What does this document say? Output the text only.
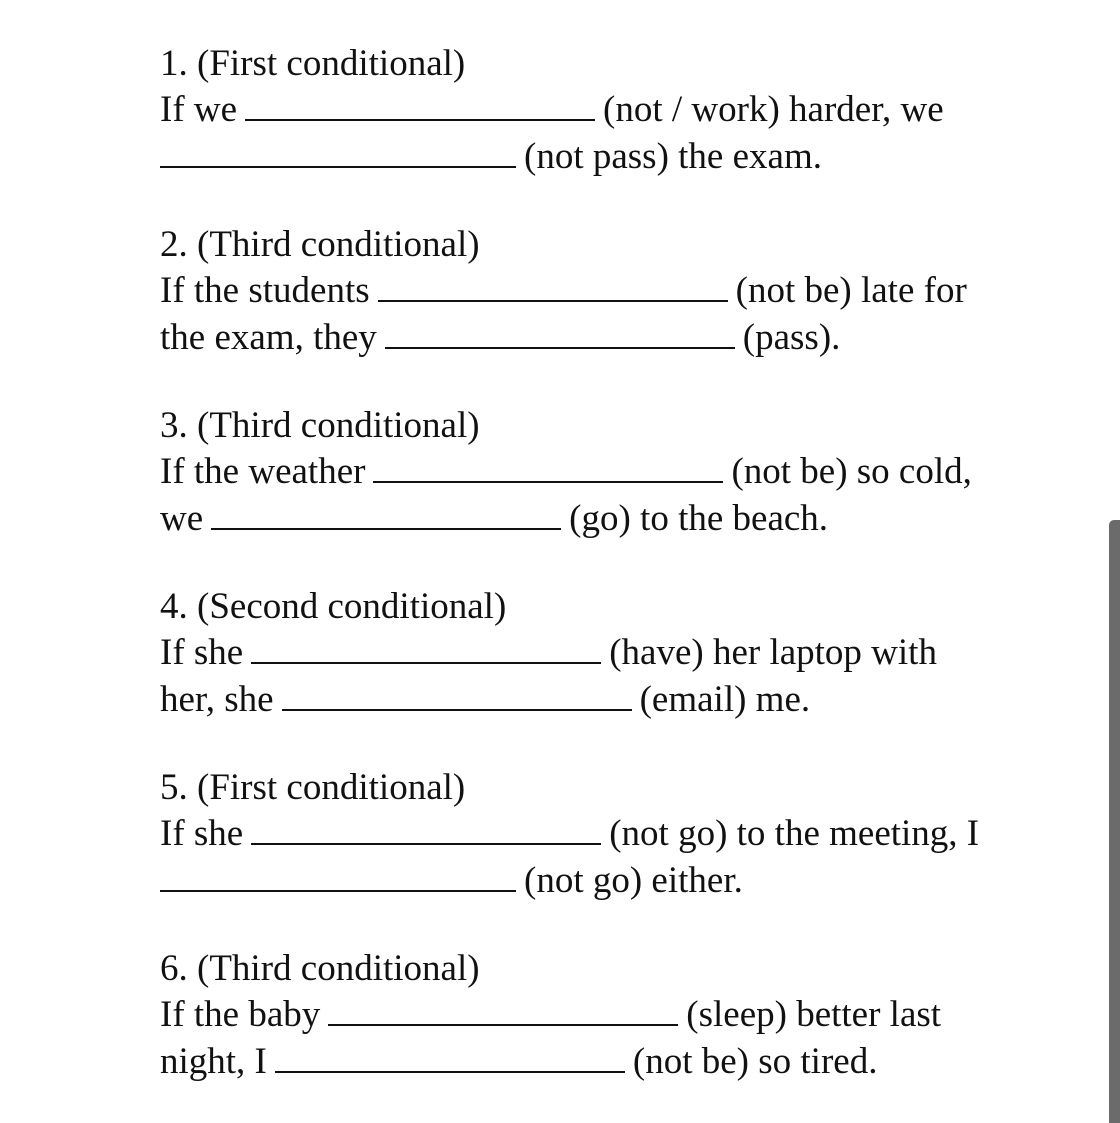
1. (First conditional)
If we	(not / work) harder, we
(not pass) the exam.
2. (Third conditional)
If the students	(not be) late for
the exam, they	(pass).
3. (Third conditional)
If the weather	(not be) so cold,
we	(go) to the beach.
4. (Second conditional)
If she	(have) her laptop with
her, she	(email) me.
5. (First conditional)
If she	(not go) to the meeting, I
(not go) either.
6. (Third conditional)
If the baby	(sleep) better last
night, I	(not be) so tired.
